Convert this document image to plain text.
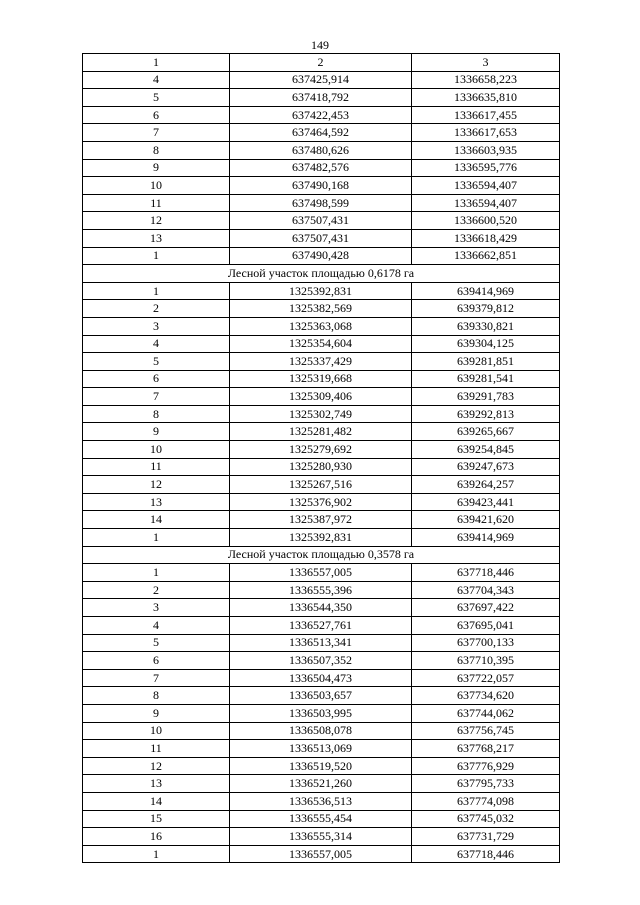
149
1	2	3
4	637425,914	1336658,223
5	637418,792	1336635,810
6	637422,453	1336617,455
7	637464,592	1336617,653
8	637480,626	1336603,935
9	637482,576	1336595,776
10	637490,168	1336594,407
11	637498,599	1336594,407
12	637507,431	1336600,520
13	637507,431	1336618,429
1	637490,428	1336662,851
Лесной участок площадью 0,6178 га		
1	1325392,831	639414,969
2	1325382,569	639379,812
3	1325363,068	639330,821
4	1325354,604	639304,125
5	1325337,429	639281,851
6	1325319,668	639281,541
7	1325309,406	639291,783
8	1325302,749	639292,813
9	1325281,482	639265,667
10	1325279,692	639254,845
11	1325280,930	639247,673
12	1325267,516	639264,257
13	1325376,902	639423,441
14	1325387,972	639421,620
1	1325392,831	639414,969
Лесной участок площадью 0,3578 га		
1	1336557,005	637718,446
2	1336555,396	637704,343
3	1336544,350	637697,422
4	1336527,761	637695,041
5	1336513,341	637700,133
6	1336507,352	637710,395
7	1336504,473	637722,057
8	1336503,657	637734,620
9	1336503,995	637744,062
10	1336508,078	637756,745
11	1336513,069	637768,217
12	1336519,520	637776,929
13	1336521,260	637795,733
14	1336536,513	637774,098
15	1336555,454	637745,032
16	1336555,314	637731,729
1	1336557,005	637718,446
